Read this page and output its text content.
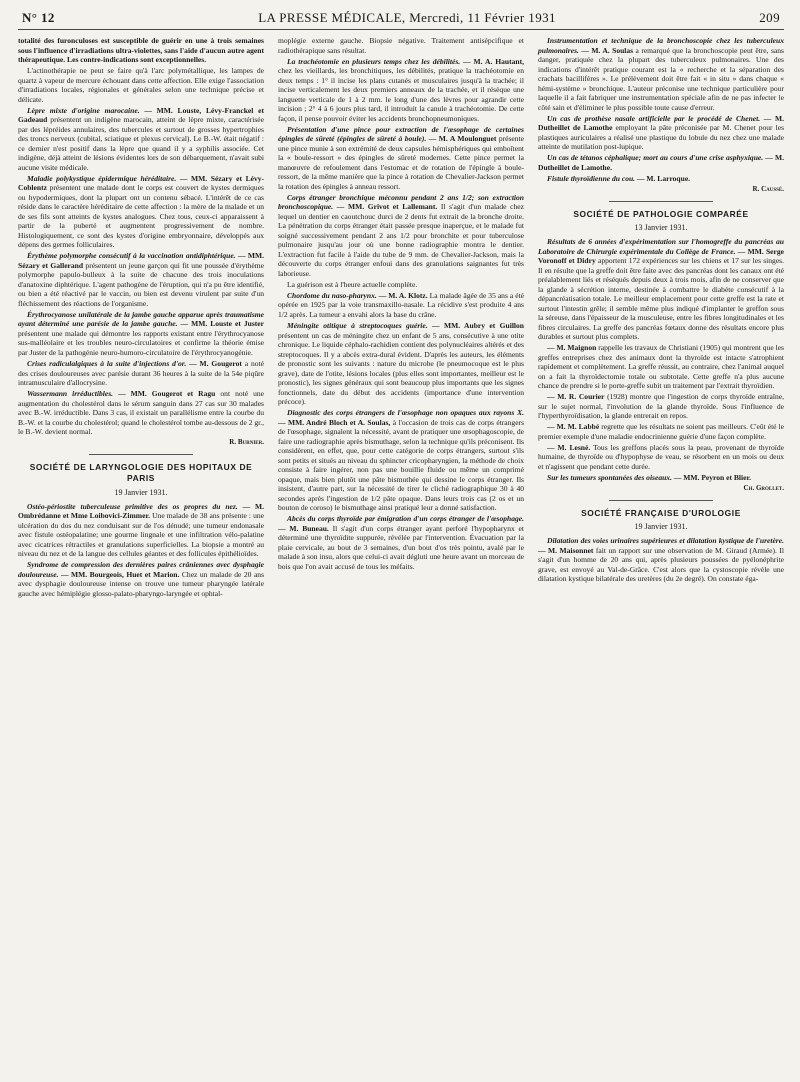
N° 12	LA PRESSE MÉDICALE, Mercredi, 11 Février 1931	209

totalité des furonculoses est susceptible de guérir en une à trois semaines sous l'influence d'irradiations ultra-violettes, sans l'aide d'aucun autre agent thérapeutique. Les contre-indications sont exceptionnelles.

L'actinothérapie ne peut se faire qu'à l'arc polymétallique, les lampes de quartz à vapeur de mercure échouant dans cette affection. Elle exige l'association d'irradiations locales, régionales et générales selon une technique précise et délicate.

Lèpre mixte d'origine marocaine. — MM. Louste, Lévy-Franckel et Gadeaud présentent un indigène marocain, atteint de lèpre mixte, caractérisée par des lépréides annulaires, des tubercules et surtout de grosses hypertrophies des troncs nerveux (cubital, sciatique et plexus cervical). Le B.-W. était négatif : ce dernier n'est positif dans la lèpre que quand il y a syphilis associée. Cet indigène, déjà atteint de lésions évidentes lors de son débarquement, n'avait subi aucune visite médicale.

Maladie polykystique épidermique héréditaire. — MM. Sézary et Lévy-Coblentz présentent une malade dont le corps est couvert de kystes dermiques ou hypodermiques, dont la plupart ont un contenu sébacé. L'intérêt de ce cas réside dans le caractère héréditaire de cette affection : la mère de la malade et un de ses fils sont atteints de kystes analogues. Chez tous, ceux-ci apparaissent à partir de la puberté et augmentent progressivement de nombre. Histologiquement, ce sont des kystes d'origine embryonnaire, développés aux dépens des germes folliculaires.

Érythème polymorphe consécutif à la vaccination antidiphtérique. — MM. Sézary et Gallerand présentent un jeune garçon qui fit une poussée d'érythème polymorphe papulo-bulleux à la suite de chacune des trois inoculations d'anatoxine diphtérique. L'agent pathogène de l'éruption, qui n'a pu être identifié, ou bien a été réactivé par le vaccin, ou bien est devenu virulent par suite d'un fléchissement des réactions de l'organisme.

Érythrocyanose unilatérale de la jambe gauche apparue après traumatisme ayant déterminé une parésie de la jambe gauche. — MM. Louste et Juster présentent une malade qui démontre les rapports existant entre l'érythrocyanose sus-malléolaire et les troubles neuro-circulatoires et confirme la théorie émise par Juster de la pathogénie neuro-humoro-circulatoire de l'érythrocyanogénie.

Crises radiculalgiques à la suite d'injections d'or. — M. Gougerot a noté des crises douloureuses avec parésie durant 36 heures à la suite de la 54e piqûre intramusculaire d'allocrysine.

Wassermann irréductibles. — MM. Gougerot et Ragu ont noté une augmentation du cholestérol dans le sérum sanguin dans 27 cas sur 30 malades avec B.-W. irréductible. Dans 3 cas, il existait un parallélisme entre la courbe du B.-W. et la courbe du cholestérol; quand le cholestérol tombe au-dessous de 2 gr., le B.-W. devient normal.

R. Burnier.

SOCIÉTÉ DE LARYNGOLOGIE DES HOPITAUX DE PARIS
19 Janvier 1931.

Ostéo-périostite tuberculeuse primitive des os propres du nez. — M. Ombrédanne et Mme Loibovici-Zimmer. Une malade de 38 ans présente : une ulcération du dos du nez conduisant sur de l'os dénudé; une tumeur endonasale avec fistule ostéopalatine; une gourme lingnale et une infiltration vélo-palatine avec cicatrices rétractiles et granulations superficielles. La biopsie a montré au niveau du nez et de la langue des cellules géantes et des follicules épithélioïdes.

Syndrome de compression des dernières paires crâniennes avec dysphagie douloureuse. — MM. Bourgeois, Huet et Marion. Chez un malade de 20 ans avec dysphagie douloureuse intense on trouve une tumeur pharyngée latérale gauche avec hémiplégie glosso-palato-pharyngo-laryngée et ophtal-

moplégie externe gauche. Biopsie négative. Traitement antisépcifique et radiothérapique sans résultat.

La trachéotomie en plusieurs temps chez les débilités. — M. A. Hautant, chez les vieillards, les bronchitiques, les débilités, pratique la trachéotomie en deux temps : 1° il incise les plans cutanés et musculaires jusqu'à la trachée; il incise verticalement les deux premiers anneaux de la trachée, et il résèque une languette verticale de 1 à 2 mm. le long d'une des lèvres pour agrandir cette incision ; 2° 4 à 6 jours plus tard, il introduit la canule à trachéotomie. De cette façon, il pense pouvoir éviter les accidents bronchopneumoniques.

Présentation d'une pince pour extraction de l'œsophage de certaines épingles de sûreté (épingles de sûreté à boule). — M. A Moulonguet présente une pince munie à son extrémité de deux capsules hémisphériques qui emboîtent la « boule-ressort » des épingles de sûreté modernes. Cette pince permet la manœuvre de refoulement dans l'estomac et de rotation de l'épingle à boule-ressort, de la même manière que la pince à rotation de Chevalier-Jackson permet la rotation des épingles à anneau ressort.

Corps étranger bronchique méconnu pendant 2 ans 1/2; son extraction bronchoscopique. — MM. Grivot et Lallemant. Il s'agit d'un malade chez lequel un dentier en caoutchouc durci de 2 dents fut extrait de la bronche droite. La pénétration du corps étranger était passée presque inaperçue, et le malade fut soigné successivement pendant 2 ans 1/2 pour bronchite et pour tuberculose pulmonaire jusqu'au jour où une bonne radiographie montra le dentier. L'extraction fut facile à l'aide du tube de 9 mm. de Chevalier-Jackson, mais la découverte du corps étranger enfoui dans des granulations saignantes fut très laborieuse.

La guérison est à l'heure actuelle complète.

Chordome du naso-pharynx. — M. A. Klotz. La malade âgée de 35 ans a été opérée en 1925 par la voie transmaxillo-nasale. La récidive s'est produite 4 ans 1/2 après. La tumeur a envahi alors la base du crâne.

Méningite otitique à streptocoques guérie. — MM. Aubry et Guillon présentent un cas de méningite chez un enfant de 5 ans, consécutive à une otite chronique. Le liquide céphalo-rachidien contient des polynucléaires altérés et des streptocoques. Il y a abcès extra-dural évident. D'après les auteurs, les éléments de pronostic sont les suivants : nature du microbe (le pneumocoque est le plus grave), date de l'otite, lésions locales (plus elles sont importantes, meilleur est le pronostic), les signes généraux qui sont beaucoup plus importants que les signes fonctionnels, date du début des accidents (importance d'une intervention précoce).

Diagnostic des corps étrangers de l'œsophage non opaques aux rayons X. — MM. André Bloch et A. Soulas, à l'occasion de trois cas de corps étrangers de l'œsophage, signalent la nécessité, avant de pratiquer une œsophagoscopie, de faire une radiographie après bismuthage, selon la technique qu'ils préconisent. Ils considèrent, en effet, que, pour cette catégorie de corps étrangers, surtout s'ils sont petits et situés au niveau du sphincter cricopharyngien, la méthode de choix consiste à faire ingérer, non pas une bouillie fluide ou même un comprimé opaque, mais bien plutôt une pâte bismuthée qui dessine le corps étranger. Ils insistent, d'autre part, sur la nécessité de tirer le cliché radiographique 30 à 40 secondes après l'ingestion de 1/2 pâte opaque. Dans leurs trois cas (2 os et un bouton de coroso) le bismuthage ainsi pratiqué leur a donné satisfaction.

Abcès du corps thyroïde par émigration d'un corps étranger de l'œsophage. — M. Buneau. Il s'agit d'un corps étranger ayant perforé l'hypopharynx et déterminé une thyroïdite suppurée, révélée par l'intervention. Évacuation par la plaie cervicale, au bout de 3 semaines, d'un bout d'os très pointu, avalé par le malade à son insu, alors que celui-ci avait dégluti une heure avant un morceau de bois que l'on avait accusé de tous les méfaits.

Instrumentation et technique de la bronchoscopie chez les tuberculeux pulmonaires. — M. A. Soulas a remarqué que la bronchoscopie peut être, sans danger, pratiquée chez la plupart des tuberculeux pulmonaires. Une des indications d'intérêt pratique courant est la « recherche et la séparation des crachats bacillifères ». Le prélèvement doit être fait « in situ » dans chaque « hémi-système » bronchique. L'auteur préconise une technique particulière pour laquelle il a fait fabriquer une instrumentation spéciale afin de ne pas infecter le côté sain et d'éliminer le plus possible toute cause d'erreur.

Un cas de prothèse nasale artificielle par le procédé de Chenet. — M. Dutheillet de Lamothe employant la pâte préconisée par M. Chenet pour les plastiques auriculaires a réalisé une plastique du lobule du nez chez une malade atteinte de mutilation post-lupique.

Un cas de tétanos céphalique; mort au cours d'une crise asphyxique. — M. Dutheillet de Lamothe.

Fistule thyroïdienne du cou. — M. Larroque.

R. Caussé.

SOCIÉTÉ DE PATHOLOGIE COMPARÉE
13 Janvier 1931.

Résultats de 6 années d'expérimentation sur l'homogreffe du pancréas au Laboratoire de Chirurgie expérimentale du Collège de France. — MM. Serge Voronoff et Didry apportent 172 expériences sur les chiens et 17 sur les singes. Il en résulte que la greffe doit être faite avec des pancréas dont les canaux ont été préalablement liés et réséqués depuis deux à trois mois, afin de ne conserver que la glande à sécrétion interne, destinée à combattre le diabète consécutif à la dépancréatisation totale. Le meilleur emplacement pour cette greffe est la rate et surtout l'intestin grêle; il semble même plus indiqué d'implanter le greffon sous la séreuse, dans l'épaisseur de la musculeuse, entre les fibres longitudinales et les fibres circulaires. La greffe des pancréas fœtaux donne des résultats encore plus durables et surtout plus complets.

— M. Maignon rappelle les travaux de Christiani (1905) qui montrent que les greffes entreprises chez des animaux dont la thyroïde est intacte s'atrophient rapidement et complètement. La greffe réussit, au contraire, chez l'animal auquel on a fait la thyroïdectomie totale ou subtotale. Cette greffe n'a plus aucune chance de prendre si le porte-greffe subit un traitement par l'extrait thyroïdien.

— M. R. Courier (1928) montre que l'ingestion de corps thyroïde entraîne, sur le sujet normal, l'involution de la glande thyroïde. Sous l'influence de l'hyperthyroïdisation, la glande entrerait en repos.

— M. M. Labbé regrette que les résultats ne soient pas meilleurs. C'eût été le premier exemple d'une maladie endocrinienne guérie d'une façon complète.

— M. Lesné. Tous les greffons placés sous la peau, provenant de thyroïde humaine, de thyroïde ou d'hypophyse de veau, se résorbent en un mois ou deux et n'agissent que pendant cette durée.

Sur les tumeurs spontanées des oiseaux. — MM. Peyron et Blier.

Ch. Grollet.

SOCIÉTÉ FRANÇAISE D'UROLOGIE
19 Janvier 1931.

Dilatation des voies urinaires supérieures et dilatation kystique de l'uretère. — M. Maisonnet fait un rapport sur une observation de M. Giraud (Armée). Il s'agit d'un homme de 20 ans qui, après plusieurs poussées de pyélonéphrite grave, est envoyé au Val-de-Grâce. C'est alors que la cystoscopie révèle une dilatation kystique bilatérale des uretères (du 2e degré). On constate éga-
